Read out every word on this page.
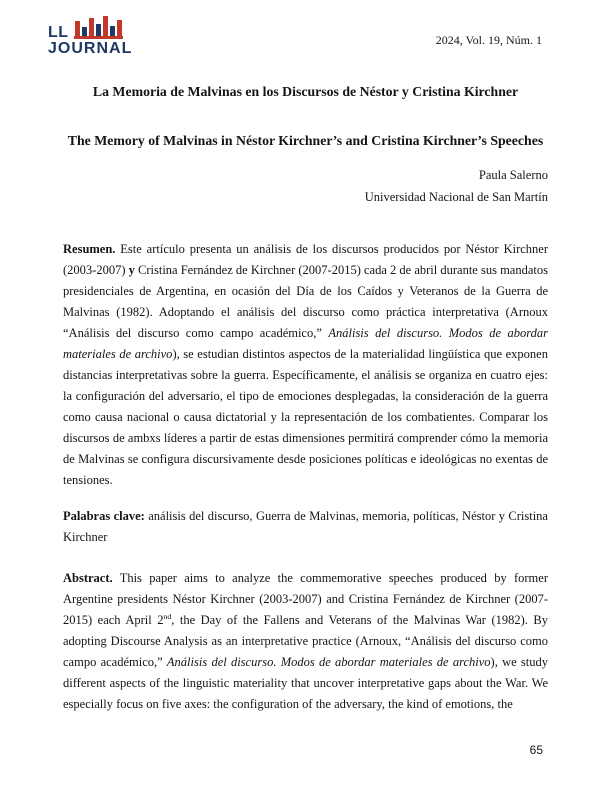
LL
JOURNAL	2024, Vol. 19, Núm. 1
La Memoria de Malvinas en los Discursos de Néstor y Cristina Kirchner
The Memory of Malvinas in Néstor Kirchner’s and Cristina Kirchner’s Speeches
Paula Salerno
Universidad Nacional de San Martín

Resumen. Este artículo presenta un análisis de los discursos producidos por Néstor Kirchner (2003-2007) y Cristina Fernández de Kirchner (2007-2015) cada 2 de abril durante sus mandatos presidenciales de Argentina, en ocasión del Día de los Caídos y Veteranos de la Guerra de Malvinas (1982). Adoptando el análisis del discurso como práctica interpretativa (Arnoux “Análisis del discurso como campo académico,” Análisis del discurso. Modos de abordar materiales de archivo), se estudian distintos aspectos de la materialidad lingüística que exponen distancias interpretativas sobre la guerra. Específicamente, el análisis se organiza en cuatro ejes: la configuración del adversario, el tipo de emociones desplegadas, la consideración de la guerra como causa nacional o causa dictatorial y la representación de los combatientes. Comparar los discursos de ambxs líderes a partir de estas dimensiones permitirá comprender cómo la memoria de Malvinas se configura discursivamente desde posiciones políticas e ideológicas no exentas de tensiones.

Palabras clave: análisis del discurso, Guerra de Malvinas, memoria, políticas, Néstor y Cristina Kirchner

Abstract. This paper aims to analyze the commemorative speeches produced by former Argentine presidents Néstor Kirchner (2003-2007) and Cristina Fernández de Kirchner (2007-2015) each April 2nd, the Day of the Fallens and Veterans of the Malvinas War (1982). By adopting Discourse Analysis as an interpretative practice (Arnoux, “Análisis del discurso como campo académico,” Análisis del discurso. Modos de abordar materiales de archivo), we study different aspects of the linguistic materiality that uncover interpretative gaps about the War. We especially focus on five axes: the configuration of the adversary, the kind of emotions, the

65
